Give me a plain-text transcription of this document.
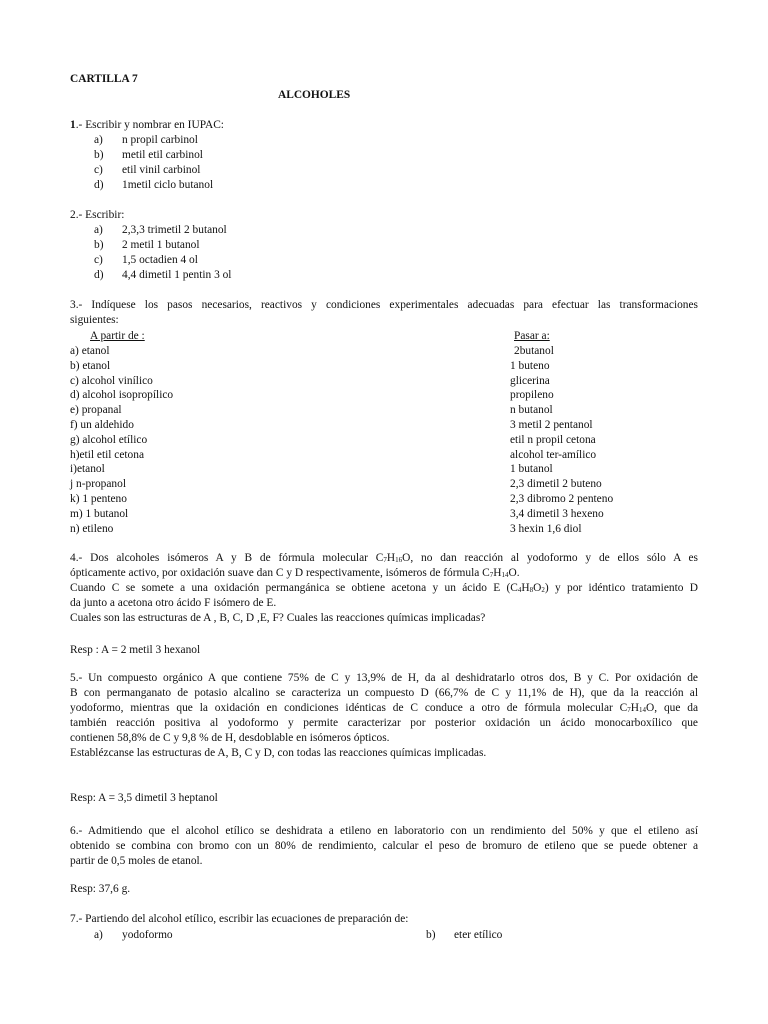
CARTILLA 7
ALCOHOLES
1.- Escribir y nombrar en IUPAC:
a) n propil carbinol
b) metil etil carbinol
c) etil vinil carbinol
d) 1metil ciclo butanol
2.- Escribir:
a) 2,3,3 trimetil 2 butanol
b) 2 metil 1 butanol
c) 1,5 octadien 4 ol
d) 4,4 dimetil 1 pentin 3 ol
3.- Indíquese los pasos necesarios, reactivos y condiciones experimentales adecuadas para efectuar las transformaciones
siguientes:
A partir de :	Pasar a:
a) etanol	2butanol
b) etanol	1 buteno
c) alcohol vinílico	glicerina
d) alcohol isopropílico	propileno
e) propanal	n butanol
f) un aldehido	3 metil 2 pentanol
g) alcohol etílico	etil n propil cetona
h)etil etil cetona	alcohol ter-amílico
i)etanol	1 butanol
j n-propanol	2,3 dimetil 2 buteno
k) 1 penteno	2,3 dibromo 2 penteno
m) 1 butanol	3,4 dimetil 3 hexeno
n) etileno	3 hexin 1,6 diol
4.- Dos alcoholes isómeros A y B de fórmula molecular $C_7H_{16}O$, no dan reacción al yodoformo y de ellos sólo A es
ópticamente activo, por oxidación suave dan C y D respectivamente, isómeros de fórmula $C_7H_{14}O$.
Cuando C se somete a una oxidación permangánica se obtiene acetona y un ácido E $(C_4H_8O_2)$ y por idéntico tratamiento D
da junto a acetona otro ácido F isómero de E.
Cuales son las estructuras de A , B, C, D ,E, F? Cuales las reacciones químicas implicadas?
Resp : A = 2 metil 3 hexanol
5.- Un compuesto orgánico A que contiene 75% de C y 13,9% de H, da al deshidratarlo otros dos, B y C. Por oxidación de
B con permanganato de potasio alcalino se caracteriza un compuesto D (66,7% de C y 11,1% de H), que da la reacción al
yodoformo, mientras que la oxidación en condiciones idénticas de C conduce a otro de fórmula molecular $C_7H_{14}O$, que da
también reacción positiva al yodoformo y permite caracterizar por posterior oxidación un ácido monocarboxílico que
contienen 58,8% de C y 9,8 % de H, desdoblable en isómeros ópticos.
Establézcanse las estructuras de A, B, C y D, con todas las reacciones químicas implicadas.
Resp: A = 3,5 dimetil 3 heptanol
6.- Admitiendo que el alcohol etílico se deshidrata a etileno en laboratorio con un rendimiento del 50% y que el etileno así
obtenido se combina con bromo con un 80% de rendimiento, calcular el peso de bromuro de etileno que se puede obtener a
partir de 0,5 moles de etanol.
Resp: 37,6 g.
7.- Partiendo del alcohol etílico, escribir las ecuaciones de preparación de:
a) yodoformo	b) eter etílico
